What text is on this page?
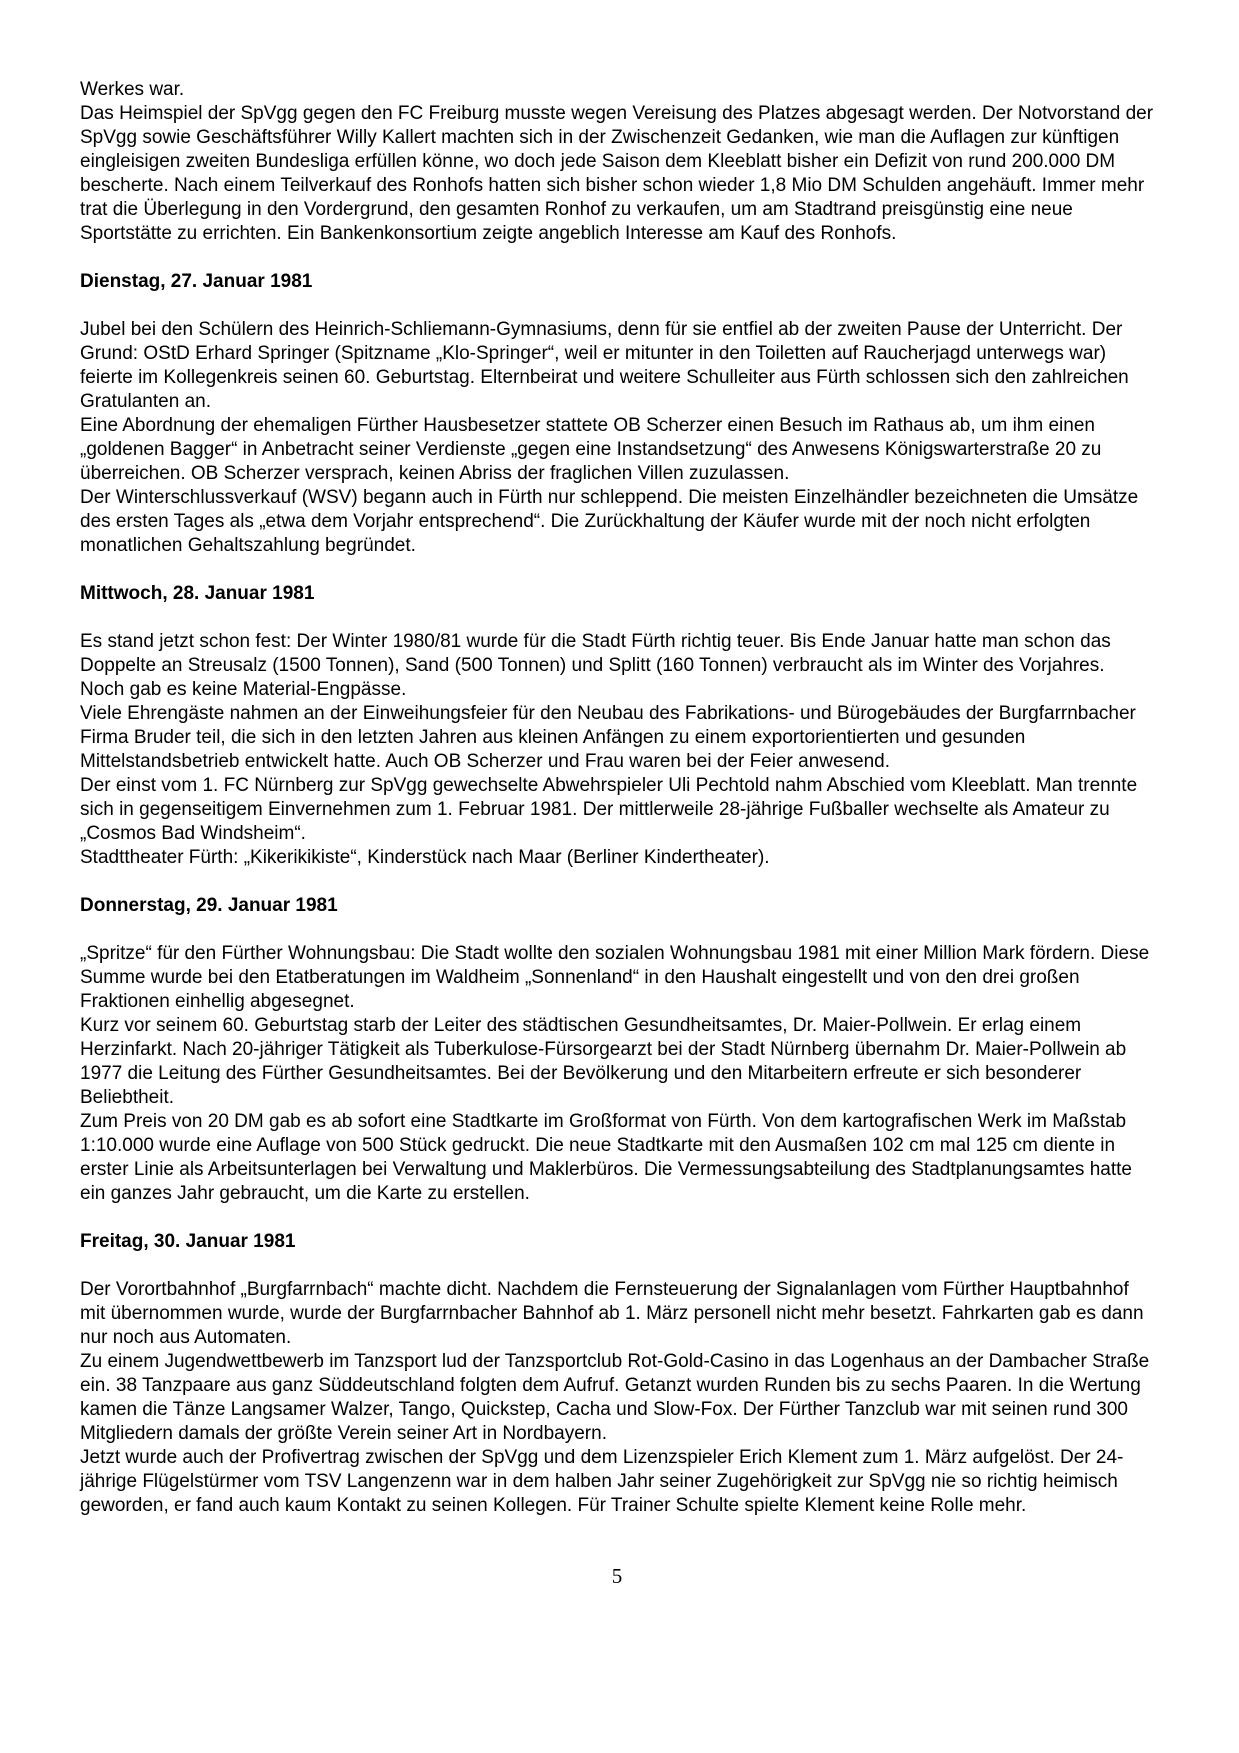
Werkes war.

Das Heimspiel der SpVgg gegen den FC Freiburg musste wegen Vereisung des Platzes abgesagt werden. Der Notvorstand der SpVgg sowie Geschäftsführer Willy Kallert machten sich in der Zwischenzeit Gedanken, wie man die Auflagen zur künftigen eingleisigen zweiten Bundesliga erfüllen könne, wo doch jede Saison dem Kleeblatt bisher ein Defizit von rund 200.000 DM bescherte. Nach einem Teilverkauf des Ronhofs hatten sich bisher schon wieder 1,8 Mio DM Schulden angehäuft. Immer mehr trat die Überlegung in den Vordergrund, den gesamten Ronhof zu verkaufen, um am Stadtrand preisgünstig eine neue Sportstätte zu errichten. Ein Bankenkonsortium zeigte angeblich Interesse am Kauf des Ronhofs.

Dienstag, 27. Januar 1981

Jubel bei den Schülern des Heinrich-Schliemann-Gymnasiums, denn für sie entfiel ab der zweiten Pause der Unterricht. Der Grund: OStD Erhard Springer (Spitzname „Klo-Springer“, weil er mitunter in den Toiletten auf Raucherjagd unterwegs war) feierte im Kollegenkreis seinen 60. Geburtstag. Elternbeirat und weitere Schulleiter aus Fürth schlossen sich den zahlreichen Gratulanten an.

Eine Abordnung der ehemaligen Fürther Hausbesetzer stattete OB Scherzer einen Besuch im Rathaus ab, um ihm einen „goldenen Bagger“ in Anbetracht seiner Verdienste „gegen eine Instandsetzung“ des Anwesens Königswarterstraße 20 zu überreichen. OB Scherzer versprach, keinen Abriss der fraglichen Villen zuzulassen.

Der Winterschlussverkauf (WSV) begann auch in Fürth nur schleppend. Die meisten Einzelhändler bezeichneten die Umsätze des ersten Tages als „etwa dem Vorjahr entsprechend“. Die Zurückhaltung der Käufer wurde mit der noch nicht erfolgten monatlichen Gehaltszahlung begründet.

Mittwoch, 28. Januar 1981

Es stand jetzt schon fest: Der Winter 1980/81 wurde für die Stadt Fürth richtig teuer. Bis Ende Januar hatte man schon das Doppelte an Streusalz (1500 Tonnen), Sand (500 Tonnen) und Splitt (160 Tonnen) verbraucht als im Winter des Vorjahres. Noch gab es keine Material-Engpässe.

Viele Ehrengäste nahmen an der Einweihungsfeier für den Neubau des Fabrikations- und Bürogebäudes der Burgfarrnbacher Firma Bruder teil, die sich in den letzten Jahren aus kleinen Anfängen zu einem exportorientierten und gesunden Mittelstandsbetrieb entwickelt hatte. Auch OB Scherzer und Frau waren bei der Feier anwesend.

Der einst vom 1. FC Nürnberg zur SpVgg gewechselte Abwehrspieler Uli Pechtold nahm Abschied vom Kleeblatt. Man trennte sich in gegenseitigem Einvernehmen zum 1. Februar 1981. Der mittlerweile 28-jährige Fußballer wechselte als Amateur zu „Cosmos Bad Windsheim“.

Stadttheater Fürth: „Kikerikikiste“, Kinderstück nach Maar (Berliner Kindertheater).

Donnerstag, 29. Januar 1981

„Spritze“ für den Fürther Wohnungsbau: Die Stadt wollte den sozialen Wohnungsbau 1981 mit einer Million Mark fördern. Diese Summe wurde bei den Etatberatungen im Waldheim „Sonnenland“ in den Haushalt eingestellt und von den drei großen Fraktionen einhellig abgesegnet.

Kurz vor seinem 60. Geburtstag starb der Leiter des städtischen Gesundheitsamtes, Dr. Maier-Pollwein. Er erlag einem Herzinfarkt. Nach 20-jähriger Tätigkeit als Tuberkulose-Fürsorgearzt bei der Stadt Nürnberg übernahm Dr. Maier-Pollwein ab 1977 die Leitung des Fürther Gesundheitsamtes. Bei der Bevölkerung und den Mitarbeitern erfreute er sich besonderer Beliebtheit.

Zum Preis von 20 DM gab es ab sofort eine Stadtkarte im Großformat von Fürth. Von dem kartografischen Werk im Maßstab 1:10.000 wurde eine Auflage von 500 Stück gedruckt. Die neue Stadtkarte mit den Ausmaßen 102 cm mal 125 cm diente in erster Linie als Arbeitsunterlagen bei Verwaltung und Maklerbüros. Die Vermessungsabteilung des Stadtplanungsamtes hatte ein ganzes Jahr gebraucht, um die Karte zu erstellen.

Freitag, 30. Januar 1981

Der Vorortbahnhof „Burgfarrnbach“ machte dicht. Nachdem die Fernsteuerung der Signalanlagen vom Fürther Hauptbahnhof mit übernommen wurde, wurde der Burgfarrnbacher Bahnhof ab 1. März personell nicht mehr besetzt. Fahrkarten gab es dann nur noch aus Automaten.

Zu einem Jugendwettbewerb im Tanzsport lud der Tanzsportclub Rot-Gold-Casino in das Logenhaus an der Dambacher Straße ein. 38 Tanzpaare aus ganz Süddeutschland folgten dem Aufruf. Getanzt wurden Runden bis zu sechs Paaren. In die Wertung kamen die Tänze Langsamer Walzer, Tango, Quickstep, Cacha und Slow-Fox. Der Fürther Tanzclub war mit seinen rund 300 Mitgliedern damals der größte Verein seiner Art in Nordbayern.

Jetzt wurde auch der Profivertrag zwischen der SpVgg und dem Lizenzspieler Erich Klement zum 1. März aufgelöst. Der 24-jährige Flügelstürmer vom TSV Langenzenn war in dem halben Jahr seiner Zugehörigkeit zur SpVgg nie so richtig heimisch geworden, er fand auch kaum Kontakt zu seinen Kollegen. Für Trainer Schulte spielte Klement keine Rolle mehr.

5
